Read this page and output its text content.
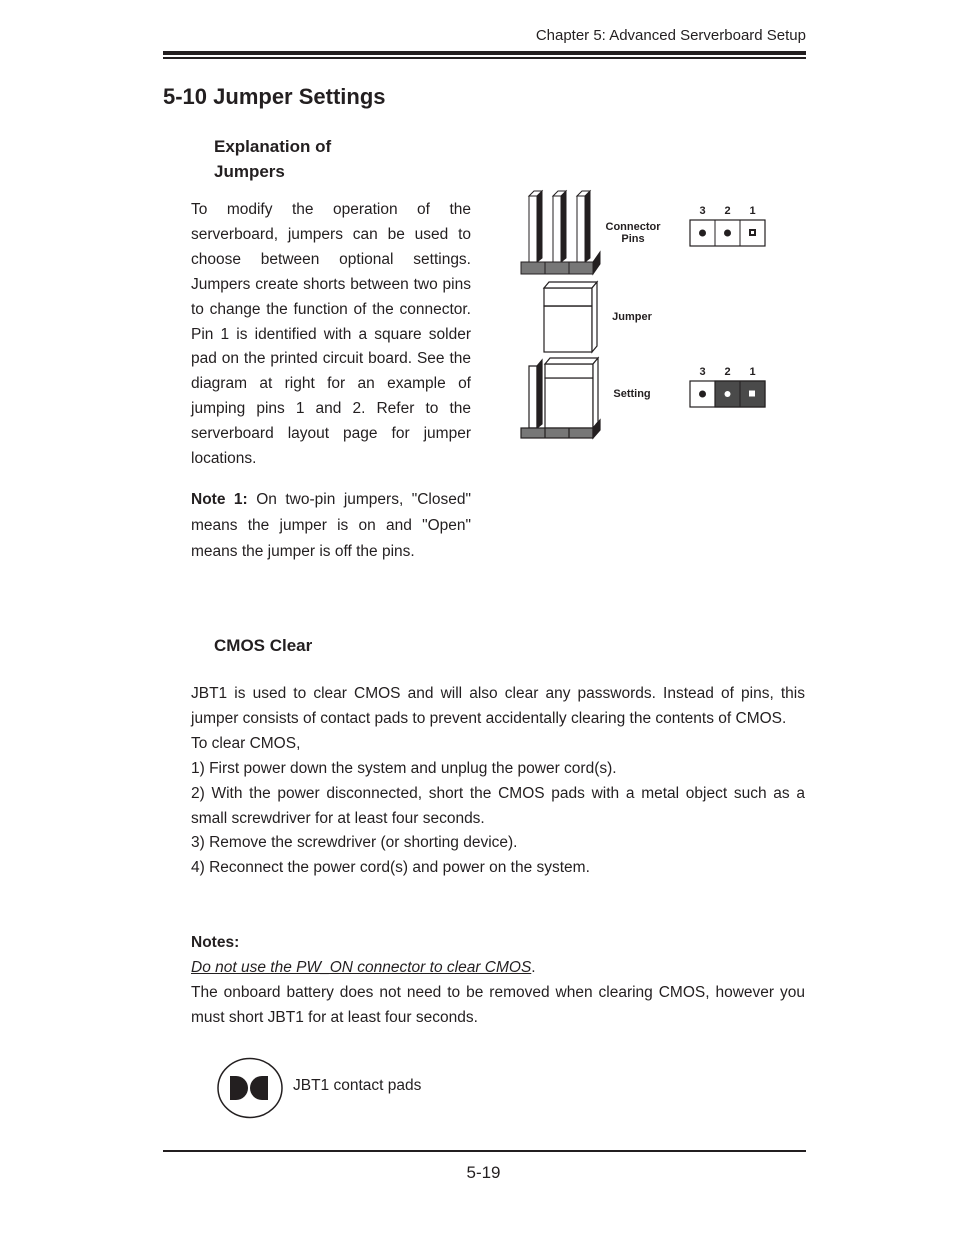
Chapter 5: Advanced Serverboard Setup
5-10 Jumper Settings
Explanation of
Jumpers
To modify the operation of the serverboard, jumpers can be used to choose between optional settings. Jumpers create shorts between two pins to change the function of the connector. Pin 1 is identified with a square solder pad on the printed circuit board. See the diagram at right for an example of jumping pins 1 and 2. Refer to the serverboard layout page for jumper locations.
Note 1: On two-pin jumpers, "Closed" means the jumper is on and "Open" means the jumper is off the pins.
Connector
Pins
Jumper
Setting
3	2	1
3	2	1
CMOS Clear
JBT1 is used to clear CMOS and will also clear any passwords. Instead of pins, this jumper consists of contact pads to prevent accidentally clearing the contents of CMOS.
To clear CMOS,
1) First power down the system and unplug the power cord(s).
2) With the power disconnected, short the CMOS pads with a metal object such as a small screwdriver for at least four seconds.
3) Remove the screwdriver (or shorting device).
4) Reconnect the power cord(s) and power on the system.
Notes:
Do not use the PW_ON connector to clear CMOS.
The onboard battery does not need to be removed when clearing CMOS, however you must short JBT1 for at least four seconds.
JBT1 contact pads
5-19
